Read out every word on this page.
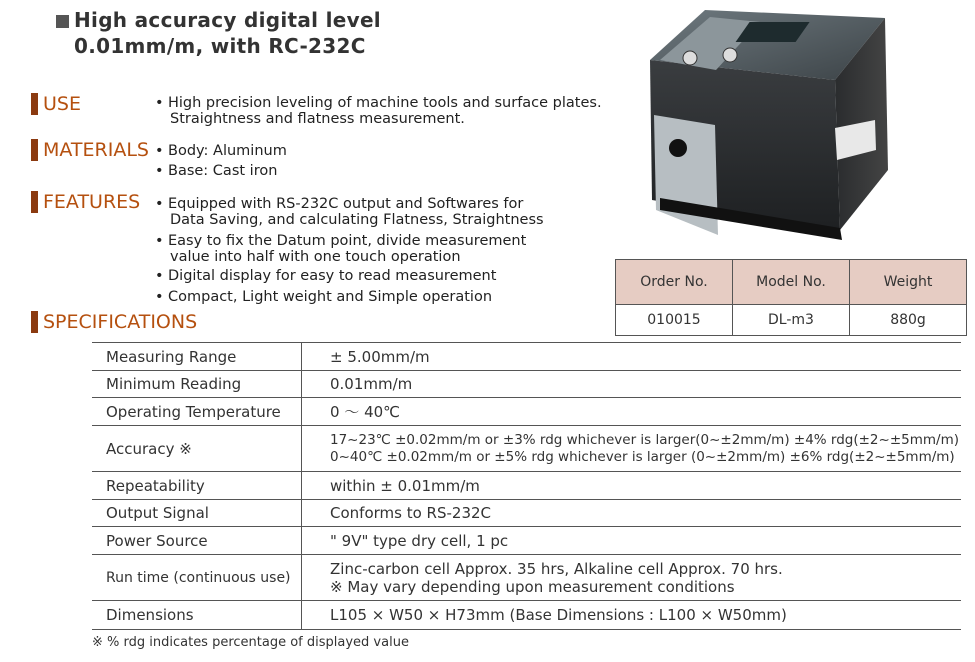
High accuracy digital level
0.01mm/m, with RC-232C
USE	• High precision leveling of machine tools and surface plates.
Straightness and flatness measurement.
MATERIALS • Body: Aluminum
• Base: Cast iron
FEATURES • Equipped with RS-232C output and Softwares for
Data Saving, and calculating Flatness, Straightness
• Easy to fix the Datum point, divide measurement
value into half with one touch operation
• Digital display for easy to read measurement
• Compact, Light weight and Simple operation
SPECIFICATIONS
Order No.	Model No.	Weight
010015	DL-m3	880g
Measuring Range	± 5.00mm/m
Minimum Reading	0.01mm/m
Operating Temperature	0 ～ 40℃
Accuracy ※	17~23℃ ±0.02mm/m or ±3% rdg whichever is larger(0~±2mm/m) ±4% rdg(±2~±5mm/m)
0~40℃ ±0.02mm/m or ±5% rdg whichever is larger (0~±2mm/m) ±6% rdg(±2~±5mm/m)

Repeatability	within ± 0.01mm/m
Output Signal	Conforms to RS-232C
Power Source	" 9V" type dry cell, 1 pc
Run time (continuous use)	Zinc-carbon cell Approx. 35 hrs, Alkaline cell Approx. 70 hrs.
※ May vary depending upon measurement conditions

Dimensions	L105 × W50 × H73mm (Base Dimensions : L100 × W50mm)
※ % rdg indicates percentage of displayed value
